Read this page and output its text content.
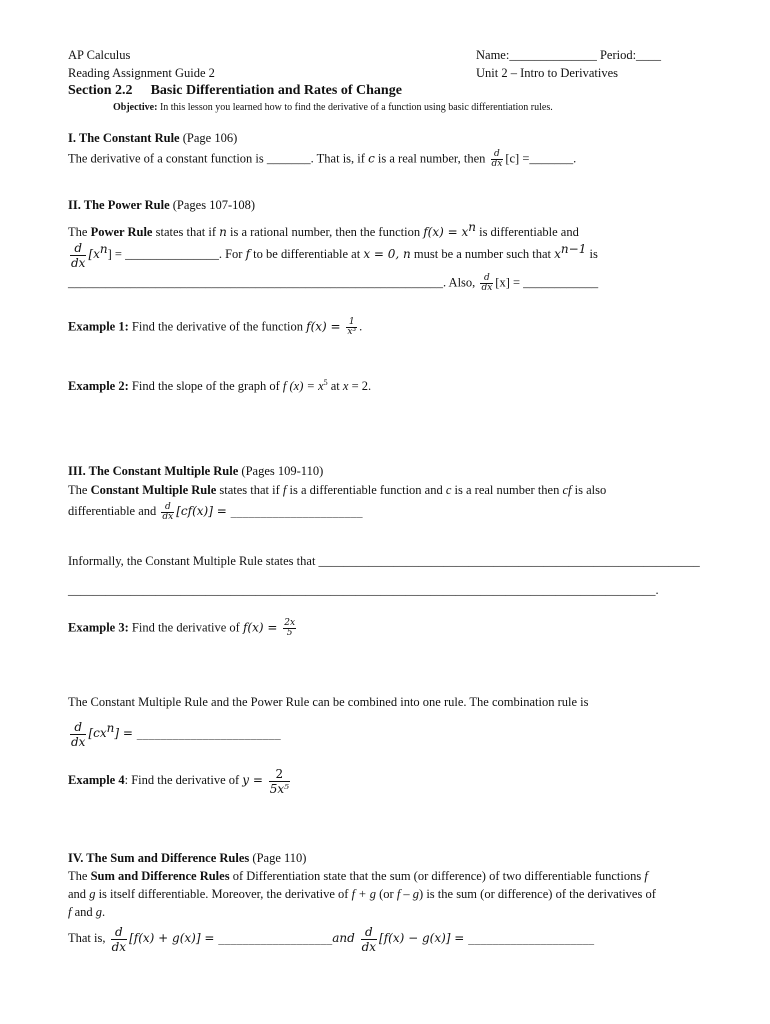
AP Calculus	Name:______________ Period:____
Reading Assignment Guide 2	Unit 2 – Intro to Derivatives
Section 2.2 Basic Differentiation and Rates of Change
Objective: In this lesson you learned how to find the derivative of a function using basic differentiation rules.
I. The Constant Rule (Page 106)
The derivative of a constant function is _______. That is, if c is a real number, then $\frac{d}{dx} [c]$ =_______.
II. The Power Rule (Pages 107-108)
The Power Rule states that if n is a rational number, then the function $f(x) = x^n$ is differentiable and
$\frac{d}{dx} [x^n]$ = _______________. For f to be differentiable at x = 0, n must be a number such that $x^{n-1}$ is
____________________________________________________________. Also, $\frac{d}{dx} [x]$ = ____________
Example 1: Find the derivative of the function $f(x) = \frac{1}{\text{x³}}$ .
Example 2: Find the slope of the graph of f $(x) = x^5$ at x = 2.
III. The Constant Multiple Rule (Pages 109-110)
The Constant Multiple Rule states that if f is a differentiable function and c is a real number then cf is also
differentiable and $\frac{d}{dx} [cf(x)]$ = ______________________
Informally, the Constant Multiple Rule states that _____________________________________________________________
______________________________________________________________________________________________.
Example 3: Find the derivative of $f(x) = \frac{2x}{5}$
The Constant Multiple Rule and the Power Rule can be combined into one rule. The combination rule is
$\frac{d}{dx} [cx^n]$ = ________________________
Example 4: Find the derivative of $y = \frac{2}{\text{5x⁵}}$
IV. The Sum and Difference Rules (Page 110)
The Sum and Difference Rules of Differentiation state that the sum (or difference) of two differentiable functions f
and g is itself differentiable. Moreover, the derivative of f + g (or f – g) is the sum (or difference) of the derivatives of
f and g.
That is, $\frac{d}{dx} [f(x) + g(x)]$ = ___________________and $\frac{d}{dx} [f(x) - g(x)]$ = _____________________
